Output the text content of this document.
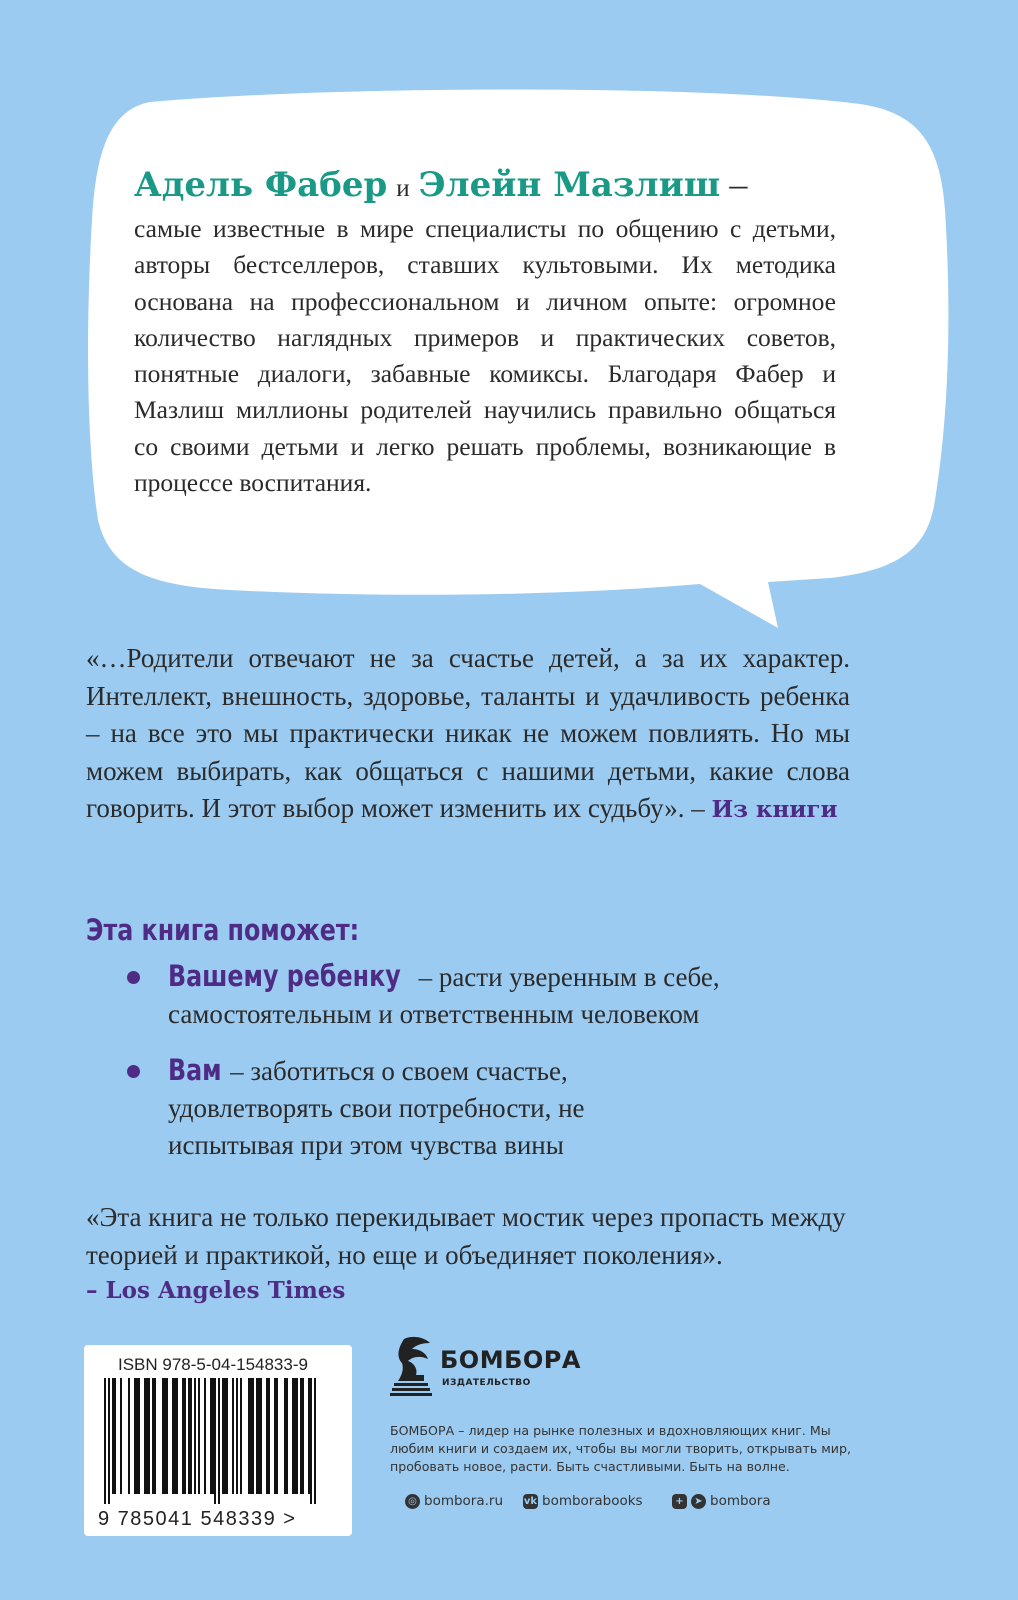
Адель Фабер и Элейн Мазлиш –
самые известные в мире специалисты по общению с детьми, авторы бестселлеров, ставших культовыми. Их методика основана на профессиональном и личном опыте: огромное количество наглядных примеров и практических советов, понятные диалоги, забавные комиксы. Благодаря Фабер и Мазлиш миллионы родителей научились правильно общаться со своими детьми и легко решать проблемы, возникающие в процессе воспитания.
«…Родители отвечают не за счастье детей, а за их характер. Интеллект, внешность, здоровье, таланты и удачливость ребенка – на все это мы практически никак не можем повлиять. Но мы можем выбирать, как общаться с нашими детьми, какие слова говорить. И этот выбор может изменить их судьбу». – Из книги
Эта книга поможет:
Вашему ребенку – расти уверенным в себе, самостоятельным и ответственным человеком
Вам – заботиться о своем счастье, удовлетворять свои потребности, не испытывая при этом чувства вины
«Эта книга не только перекидывает мостик через пропасть между теорией и практикой, но еще и объединяет поколения».
– Los Angeles Times
ISBN 978-5-04-154833-9
9 785041 548339 >
БОМБОРА
ИЗДАТЕЛЬСТВО
БОМБОРА – лидер на рынке полезных и вдохновляющих книг. Мы любим книги и создаем их, чтобы вы могли творить, открывать мир, пробовать новое, расти. Быть счастливыми. Быть на волне.
◎ bombora.ru vk bomborabooks	+	➤ bombora
